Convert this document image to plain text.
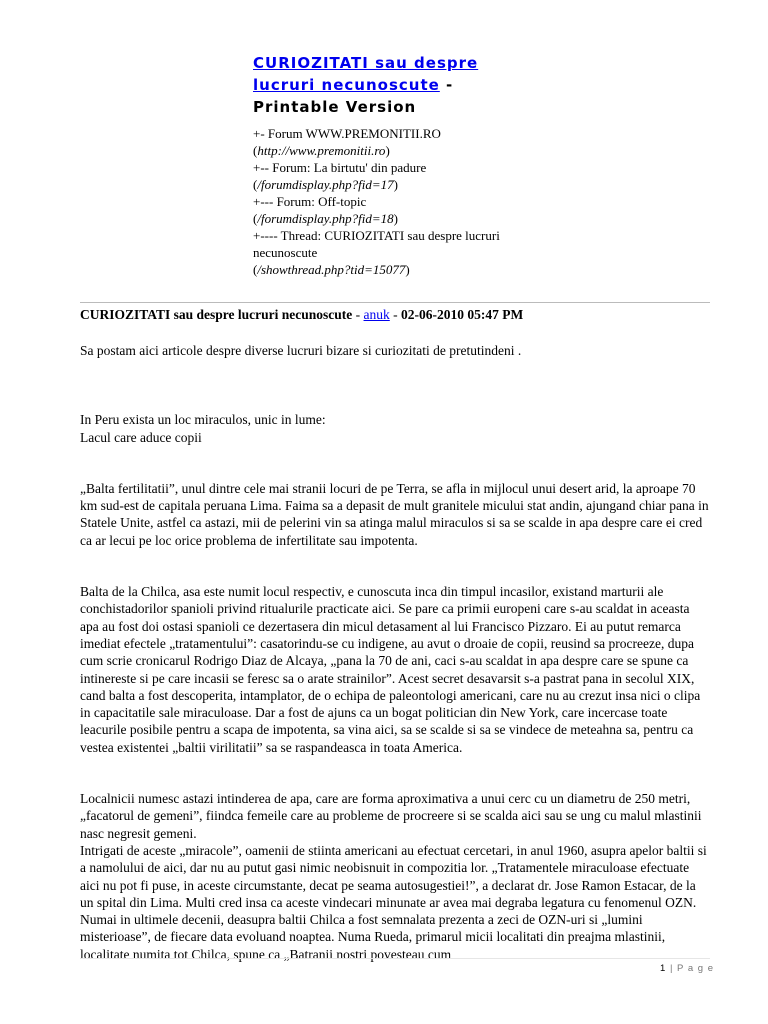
CURIOZITATI sau despre
lucruri necunoscute -
Printable Version
+- Forum WWW.PREMONITII.RO
(http://www.premonitii.ro)
+-- Forum: La birtutu' din padure
(/forumdisplay.php?fid=17)
+--- Forum: Off-topic
(/forumdisplay.php?fid=18)
+---- Thread: CURIOZITATI sau despre lucruri necunoscute
(/showthread.php?tid=15077)
CURIOZITATI sau despre lucruri necunoscute - anuk - 02-06-2010 05:47 PM

Sa postam aici articole despre diverse lucruri bizare si curiozitati de pretutindeni .

In Peru exista un loc miraculos, unic in lume:

Lacul care aduce copii

„Balta fertilitatii”, unul dintre cele mai stranii locuri de pe Terra, se afla in mijlocul unui desert arid, la aproape 70 km sud-est de capitala peruana Lima. Faima sa a depasit de mult granitele micului stat andin, ajungand chiar pana in Statele Unite, astfel ca astazi, mii de pelerini vin sa atinga malul miraculos si sa se scalde in apa despre care ei cred ca ar lecui pe loc orice problema de infertilitate sau impotenta.

Balta de la Chilca, asa este numit locul respectiv, e cunoscuta inca din timpul incasilor, existand marturii ale conchistadorilor spanioli privind ritualurile practicate aici. Se pare ca primii europeni care s-au scaldat in aceasta apa au fost doi ostasi spanioli ce dezertasera din micul detasament al lui Francisco Pizzaro. Ei au putut remarca imediat efectele „tratamentului”: casatorindu-se cu indigene, au avut o droaie de copii, reusind sa procreeze, dupa cum scrie cronicarul Rodrigo Diaz de Alcaya, „pana la 70 de ani, caci s-au scaldat in apa despre care se spune ca intinereste si pe care incasii se feresc sa o arate strainilor”. Acest secret desavarsit s-a pastrat pana in secolul XIX, cand balta a fost descoperita, intamplator, de o echipa de paleontologi americani, care nu au crezut insa nici o clipa in capacitatile sale miraculoase. Dar a fost de ajuns ca un bogat politician din New York, care incercase toate leacurile posibile pentru a scapa de impotenta, sa vina aici, sa se scalde si sa se vindece de meteahna sa, pentru ca vestea existentei „baltii virilitatii” sa se raspandeasca in toata America.

Localnicii numesc astazi intinderea de apa, care are forma aproximativa a unui cerc cu un diametru de 250 metri, „facatorul de gemeni”, fiindca femeile care au probleme de procreere si se scalda aici sau se ung cu malul mlastinii nasc negresit gemeni.

Intrigati de aceste „miracole”, oamenii de stiinta americani au efectuat cercetari, in anul 1960, asupra apelor baltii si a namolului de aici, dar nu au putut gasi nimic neobisnuit in compozitia lor. „Tratamentele miraculoase efectuate aici nu pot fi puse, in aceste circumstante, decat pe seama autosugestiei!”, a declarat dr. Jose Ramon Estacar, de la un spital din Lima. Multi cred insa ca aceste vindecari minunate ar avea mai degraba legatura cu fenomenul OZN. Numai in ultimele decenii, deasupra baltii Chilca a fost semnalata prezenta a zeci de OZN-uri si „lumini misterioase”, de fiecare data evoluand noaptea. Numa Rueda, primarul micii localitati din preajma mlastinii, localitate numita tot Chilca, spune ca „Batranii nostri povesteau cum

1 | P a g e
